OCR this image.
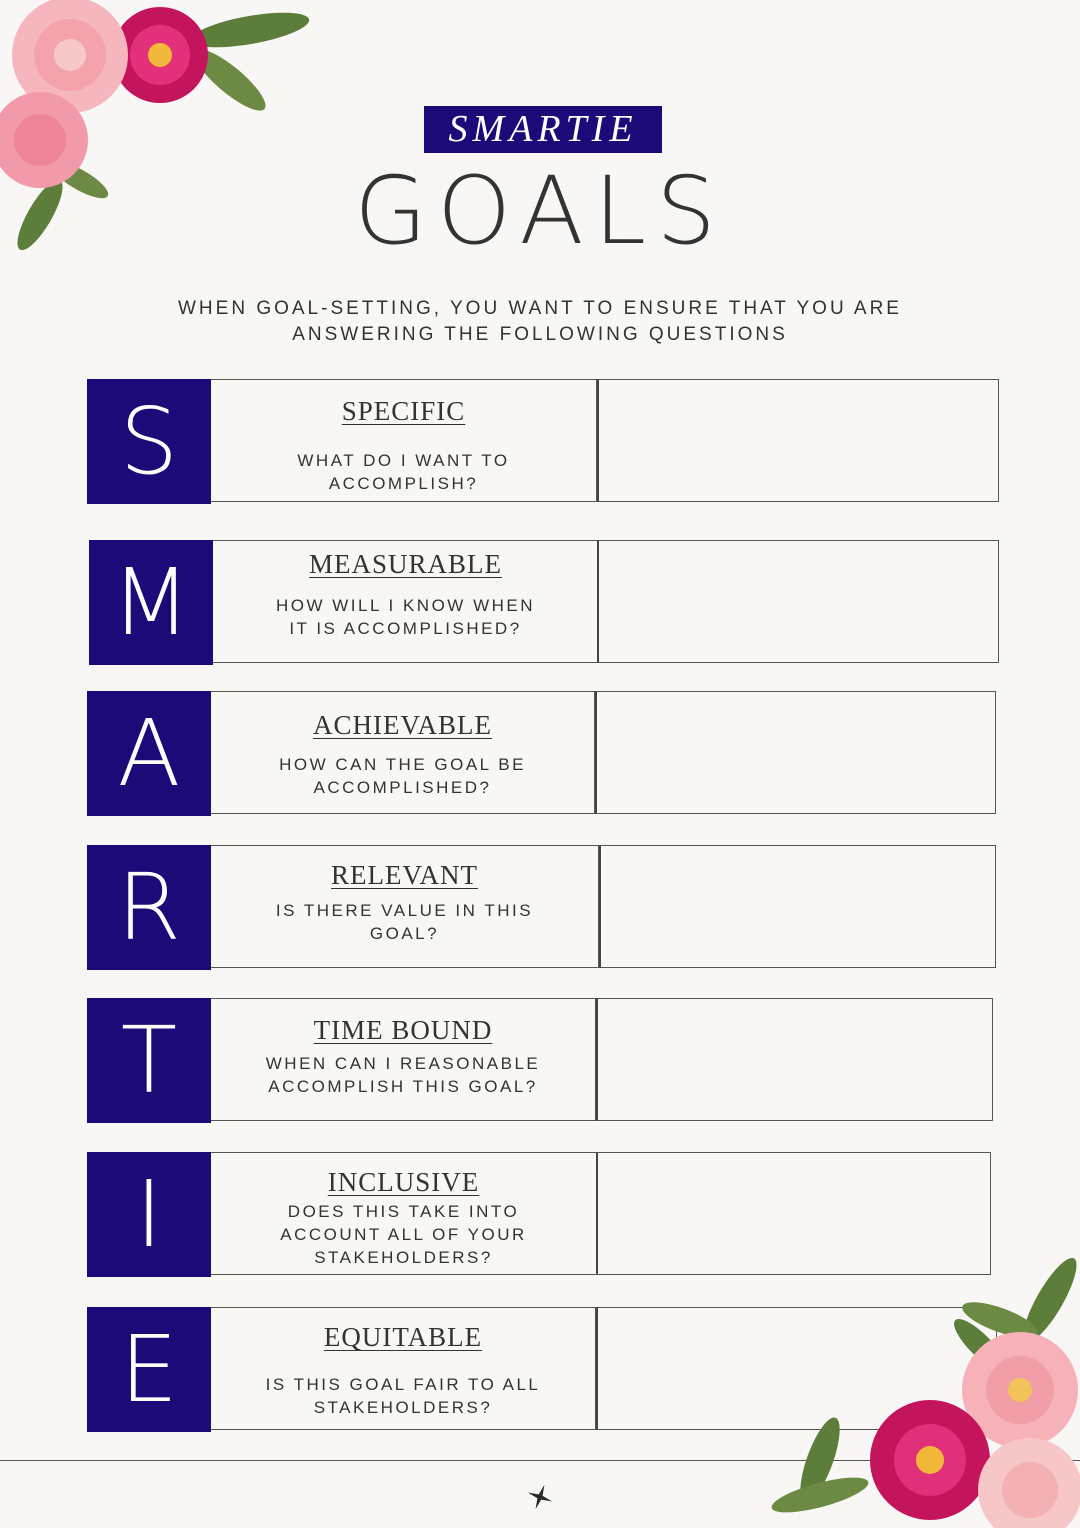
SMARTIE
GOALS
WHEN GOAL-SETTING, YOU WANT TO ENSURE THAT YOU ARE
ANSWERING THE FOLLOWING QUESTIONS
S	SPECIFIC
WHAT DO I WANT TO
ACCOMPLISH?
M	MEASURABLE
HOW WILL I KNOW WHEN
IT IS ACCOMPLISHED?
A	ACHIEVABLE
HOW CAN THE GOAL BE
ACCOMPLISHED?
R	RELEVANT
IS THERE VALUE IN THIS
GOAL?
T	TIME BOUND
WHEN CAN I REASONABLE
ACCOMPLISH THIS GOAL?
I	INCLUSIVE
DOES THIS TAKE INTO
ACCOUNT ALL OF YOUR
STAKEHOLDERS?
E	EQUITABLE
IS THIS GOAL FAIR TO ALL
STAKEHOLDERS?
